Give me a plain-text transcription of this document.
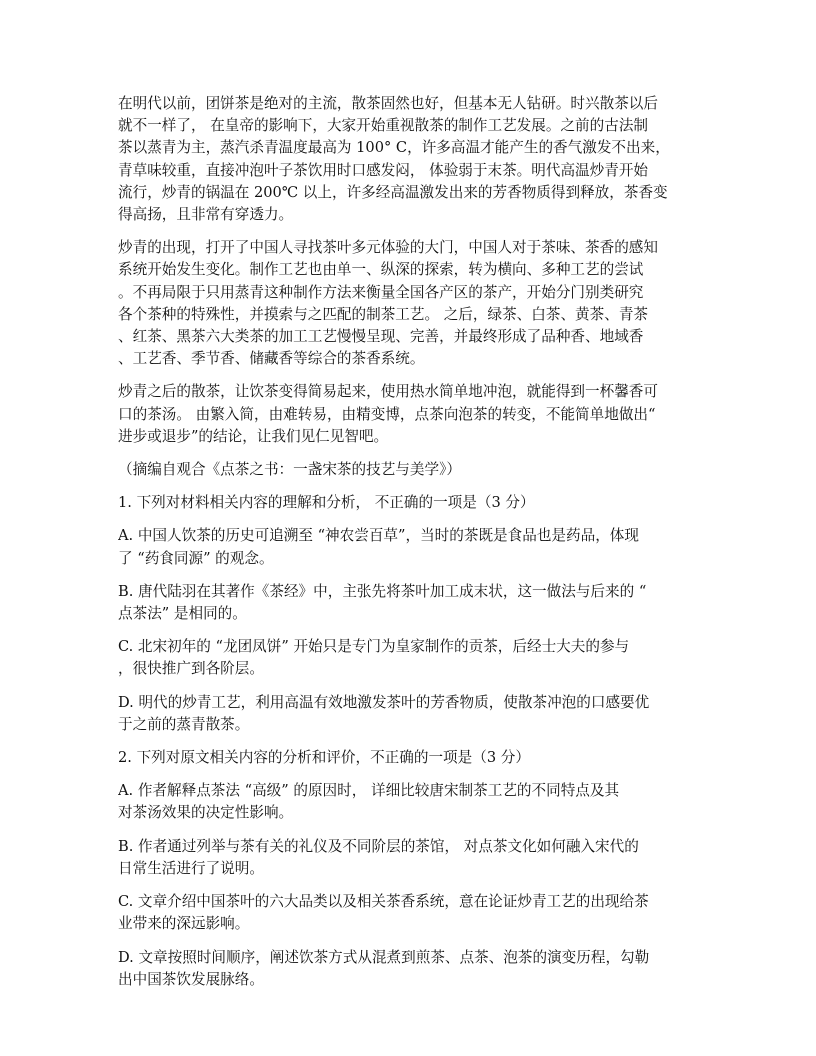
在明代以前，团饼茶是绝对的主流，散茶固然也好，但基本无人钻研。时兴散茶以后
就不一样了， 在皇帝的影响下，大家开始重视散茶的制作工艺发展。之前的古法制
茶以蒸青为主，蒸汽杀青温度最高为 100° C，许多高温才能产生的香气激发不出来，
青草味较重，直接冲泡叶子茶饮用时口感发闷， 体验弱于末茶。明代高温炒青开始
流行，炒青的锅温在 200℃ 以上，许多经高温激发出来的芳香物质得到释放，茶香变
得高扬，且非常有穿透力。
炒青的出现，打开了中国人寻找茶叶多元体验的大门，中国人对于茶味、茶香的感知
系统开始发生变化。制作工艺也由单一、纵深的探索，转为横向、多种工艺的尝试
。不再局限于只用蒸青这种制作方法来衡量全国各产区的茶产，开始分门别类研究
各个茶种的特殊性，并摸索与之匹配的制茶工艺。 之后，绿茶、白茶、黄茶、青茶
、红茶、黑茶六大类茶的加工工艺慢慢呈现、完善，并最终形成了品种香、地域香
、工艺香、季节香、储藏香等综合的茶香系统。
炒青之后的散茶，让饮茶变得简易起来，使用热水简单地冲泡，就能得到一杯馨香可
口的茶汤。 由繁入简，由难转易，由精变博，点茶向泡茶的转变，不能简单地做出“
进步或退步”的结论，让我们见仁见智吧。
（摘编自观合《点茶之书：一盏宋茶的技艺与美学》）
1. 下列对材料相关内容的理解和分析， 不正确的一项是（3 分）
A. 中国人饮茶的历史可追溯至 “神农尝百草”，当时的茶既是食品也是药品，体现
了 “药食同源” 的观念。
B. 唐代陆羽在其著作《茶经》中，主张先将茶叶加工成末状，这一做法与后来的 “
点茶法” 是相同的。
C. 北宋初年的 “龙团凤饼” 开始只是专门为皇家制作的贡茶，后经士大夫的参与
，很快推广到各阶层。
D. 明代的炒青工艺，利用高温有效地激发茶叶的芳香物质，使散茶冲泡的口感要优
于之前的蒸青散茶。
2. 下列对原文相关内容的分析和评价，不正确的一项是（3 分）
A. 作者解释点茶法 “高级” 的原因时， 详细比较唐宋制茶工艺的不同特点及其
对茶汤效果的决定性影响。
B. 作者通过列举与茶有关的礼仪及不同阶层的茶馆， 对点茶文化如何融入宋代的
日常生活进行了说明。
C. 文章介绍中国茶叶的六大品类以及相关茶香系统，意在论证炒青工艺的出现给茶
业带来的深远影响。
D. 文章按照时间顺序，阐述饮茶方式从混煮到煎茶、点茶、泡茶的演变历程，勾勒
出中国茶饮发展脉络。
